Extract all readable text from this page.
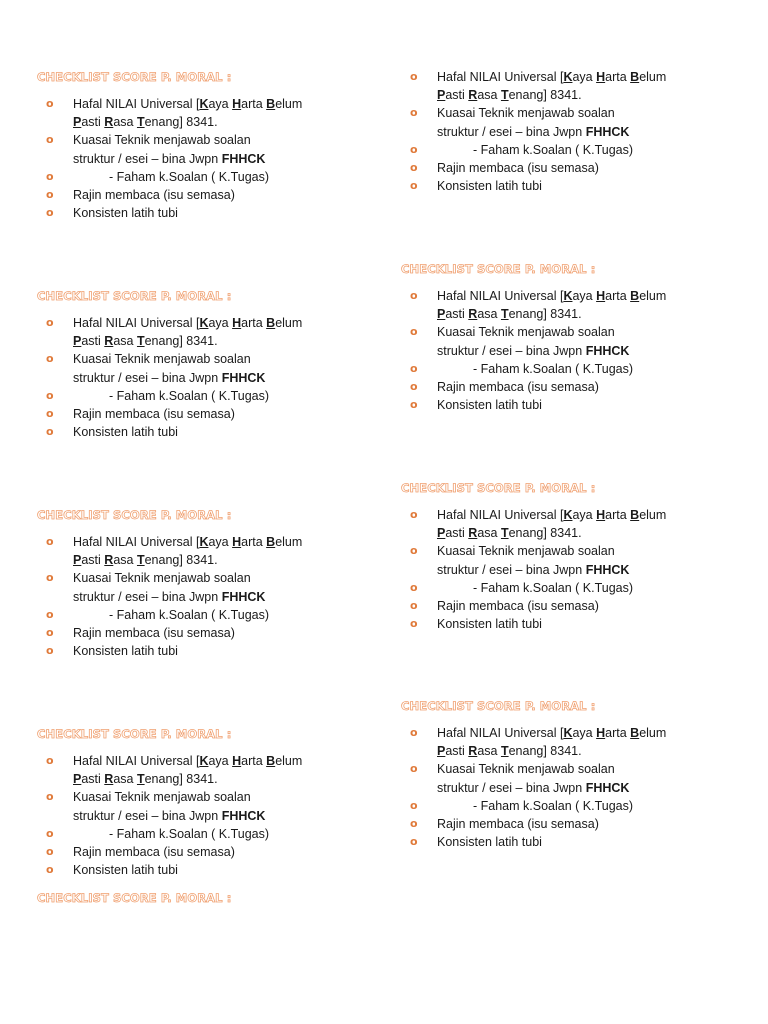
CHECKLIST SCORE P. MORAL :
o Hafal NILAI Universal [Kaya Harta Belum
Pasti Rasa Tenang] 8341.
o Kuasai Teknik menjawab soalan
struktur / esei – bina Jwpn FHHCK
o	- Faham k.Soalan ( K.Tugas)
o Rajin membaca (isu semasa)
o Konsisten latih tubi
CHECKLIST SCORE P. MORAL :
o Hafal NILAI Universal [Kaya Harta Belum
Pasti Rasa Tenang] 8341.
o Kuasai Teknik menjawab soalan
struktur / esei – bina Jwpn FHHCK
o	- Faham k.Soalan ( K.Tugas)
o Rajin membaca (isu semasa)
o Konsisten latih tubi
CHECKLIST SCORE P. MORAL :
o Hafal NILAI Universal [Kaya Harta Belum
Pasti Rasa Tenang] 8341.
o Kuasai Teknik menjawab soalan
struktur / esei – bina Jwpn FHHCK
o	- Faham k.Soalan ( K.Tugas)
o Rajin membaca (isu semasa)
o Konsisten latih tubi
CHECKLIST SCORE P. MORAL :
o Hafal NILAI Universal [Kaya Harta Belum
Pasti Rasa Tenang] 8341.
o Kuasai Teknik menjawab soalan
struktur / esei – bina Jwpn FHHCK
o	- Faham k.Soalan ( K.Tugas)
o Rajin membaca (isu semasa)
o Konsisten latih tubi
CHECKLIST SCORE P. MORAL :
o Hafal NILAI Universal [Kaya Harta Belum
Pasti Rasa Tenang] 8341.
o Kuasai Teknik menjawab soalan
struktur / esei – bina Jwpn FHHCK
o	- Faham k.Soalan ( K.Tugas)
o Rajin membaca (isu semasa)
o Konsisten latih tubi
CHECKLIST SCORE P. MORAL :
o Hafal NILAI Universal [Kaya Harta Belum
Pasti Rasa Tenang] 8341.
o Kuasai Teknik menjawab soalan
struktur / esei – bina Jwpn FHHCK
o	- Faham k.Soalan ( K.Tugas)
o Rajin membaca (isu semasa)
o Konsisten latih tubi
CHECKLIST SCORE P. MORAL :
o Hafal NILAI Universal [Kaya Harta Belum
Pasti Rasa Tenang] 8341.
o Kuasai Teknik menjawab soalan
struktur / esei – bina Jwpn FHHCK
o	- Faham k.Soalan ( K.Tugas)
o Rajin membaca (isu semasa)
o Konsisten latih tubi
CHECKLIST SCORE P. MORAL :
o Hafal NILAI Universal [Kaya Harta Belum
Pasti Rasa Tenang] 8341.
o Kuasai Teknik menjawab soalan
struktur / esei – bina Jwpn FHHCK
o	- Faham k.Soalan ( K.Tugas)
o Rajin membaca (isu semasa)
o Konsisten latih tubi
